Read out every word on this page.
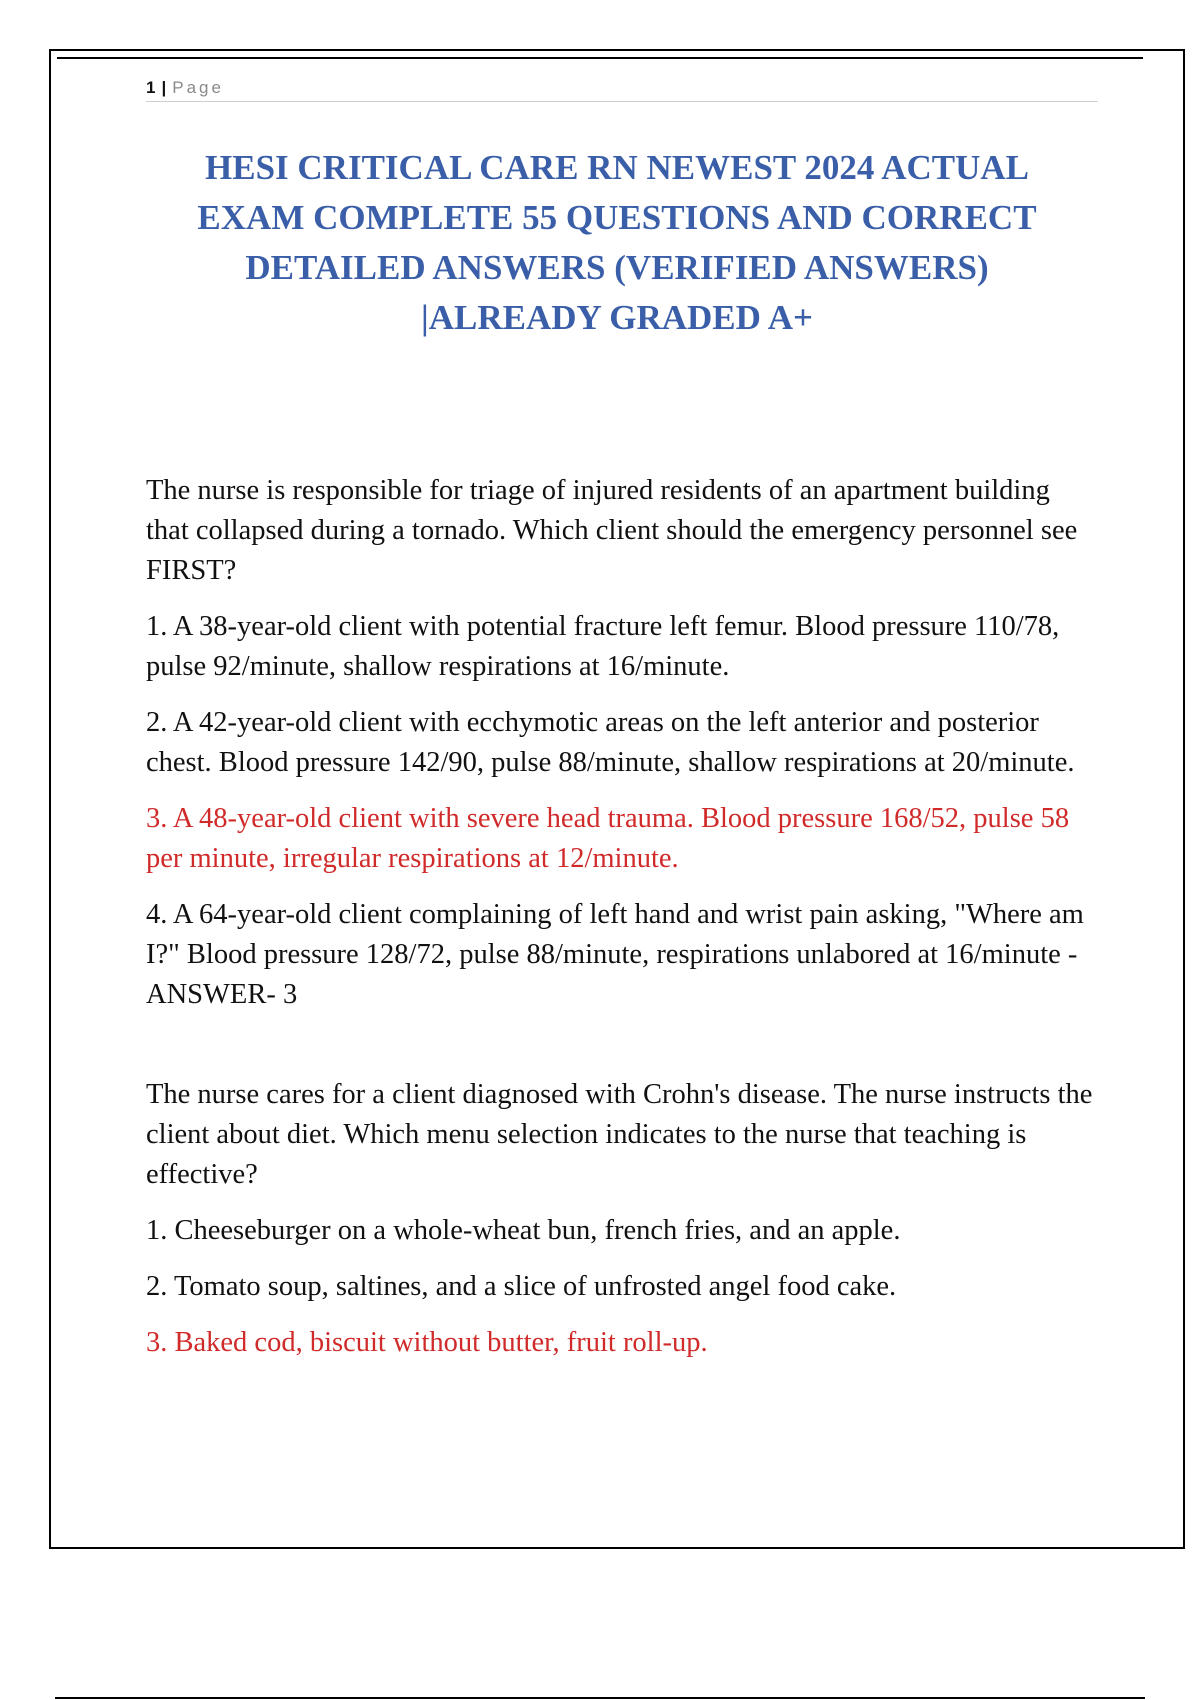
1 | Page
HESI CRITICAL CARE RN NEWEST 2024 ACTUAL
EXAM COMPLETE 55 QUESTIONS AND CORRECT
DETAILED ANSWERS (VERIFIED ANSWERS)
|ALREADY GRADED A+

The nurse is responsible for triage of injured residents of an apartment building that collapsed during a tornado. Which client should the emergency personnel see FIRST?

1. A 38-year-old client with potential fracture left femur. Blood pressure 110/78, pulse 92/minute, shallow respirations at 16/minute.

2. A 42-year-old client with ecchymotic areas on the left anterior and posterior chest. Blood pressure 142/90, pulse 88/minute, shallow respirations at 20/minute.

3. A 48-year-old client with severe head trauma. Blood pressure 168/52, pulse 58 per minute, irregular respirations at 12/minute.

4. A 64-year-old client complaining of left hand and wrist pain asking, "Where am I?" Blood pressure 128/72, pulse 88/minute, respirations unlabored at 16/minute - ANSWER- 3

The nurse cares for a client diagnosed with Crohn's disease. The nurse instructs the client about diet. Which menu selection indicates to the nurse that teaching is effective?

1. Cheeseburger on a whole-wheat bun, french fries, and an apple.

2. Tomato soup, saltines, and a slice of unfrosted angel food cake.

3. Baked cod, biscuit without butter, fruit roll-up.
